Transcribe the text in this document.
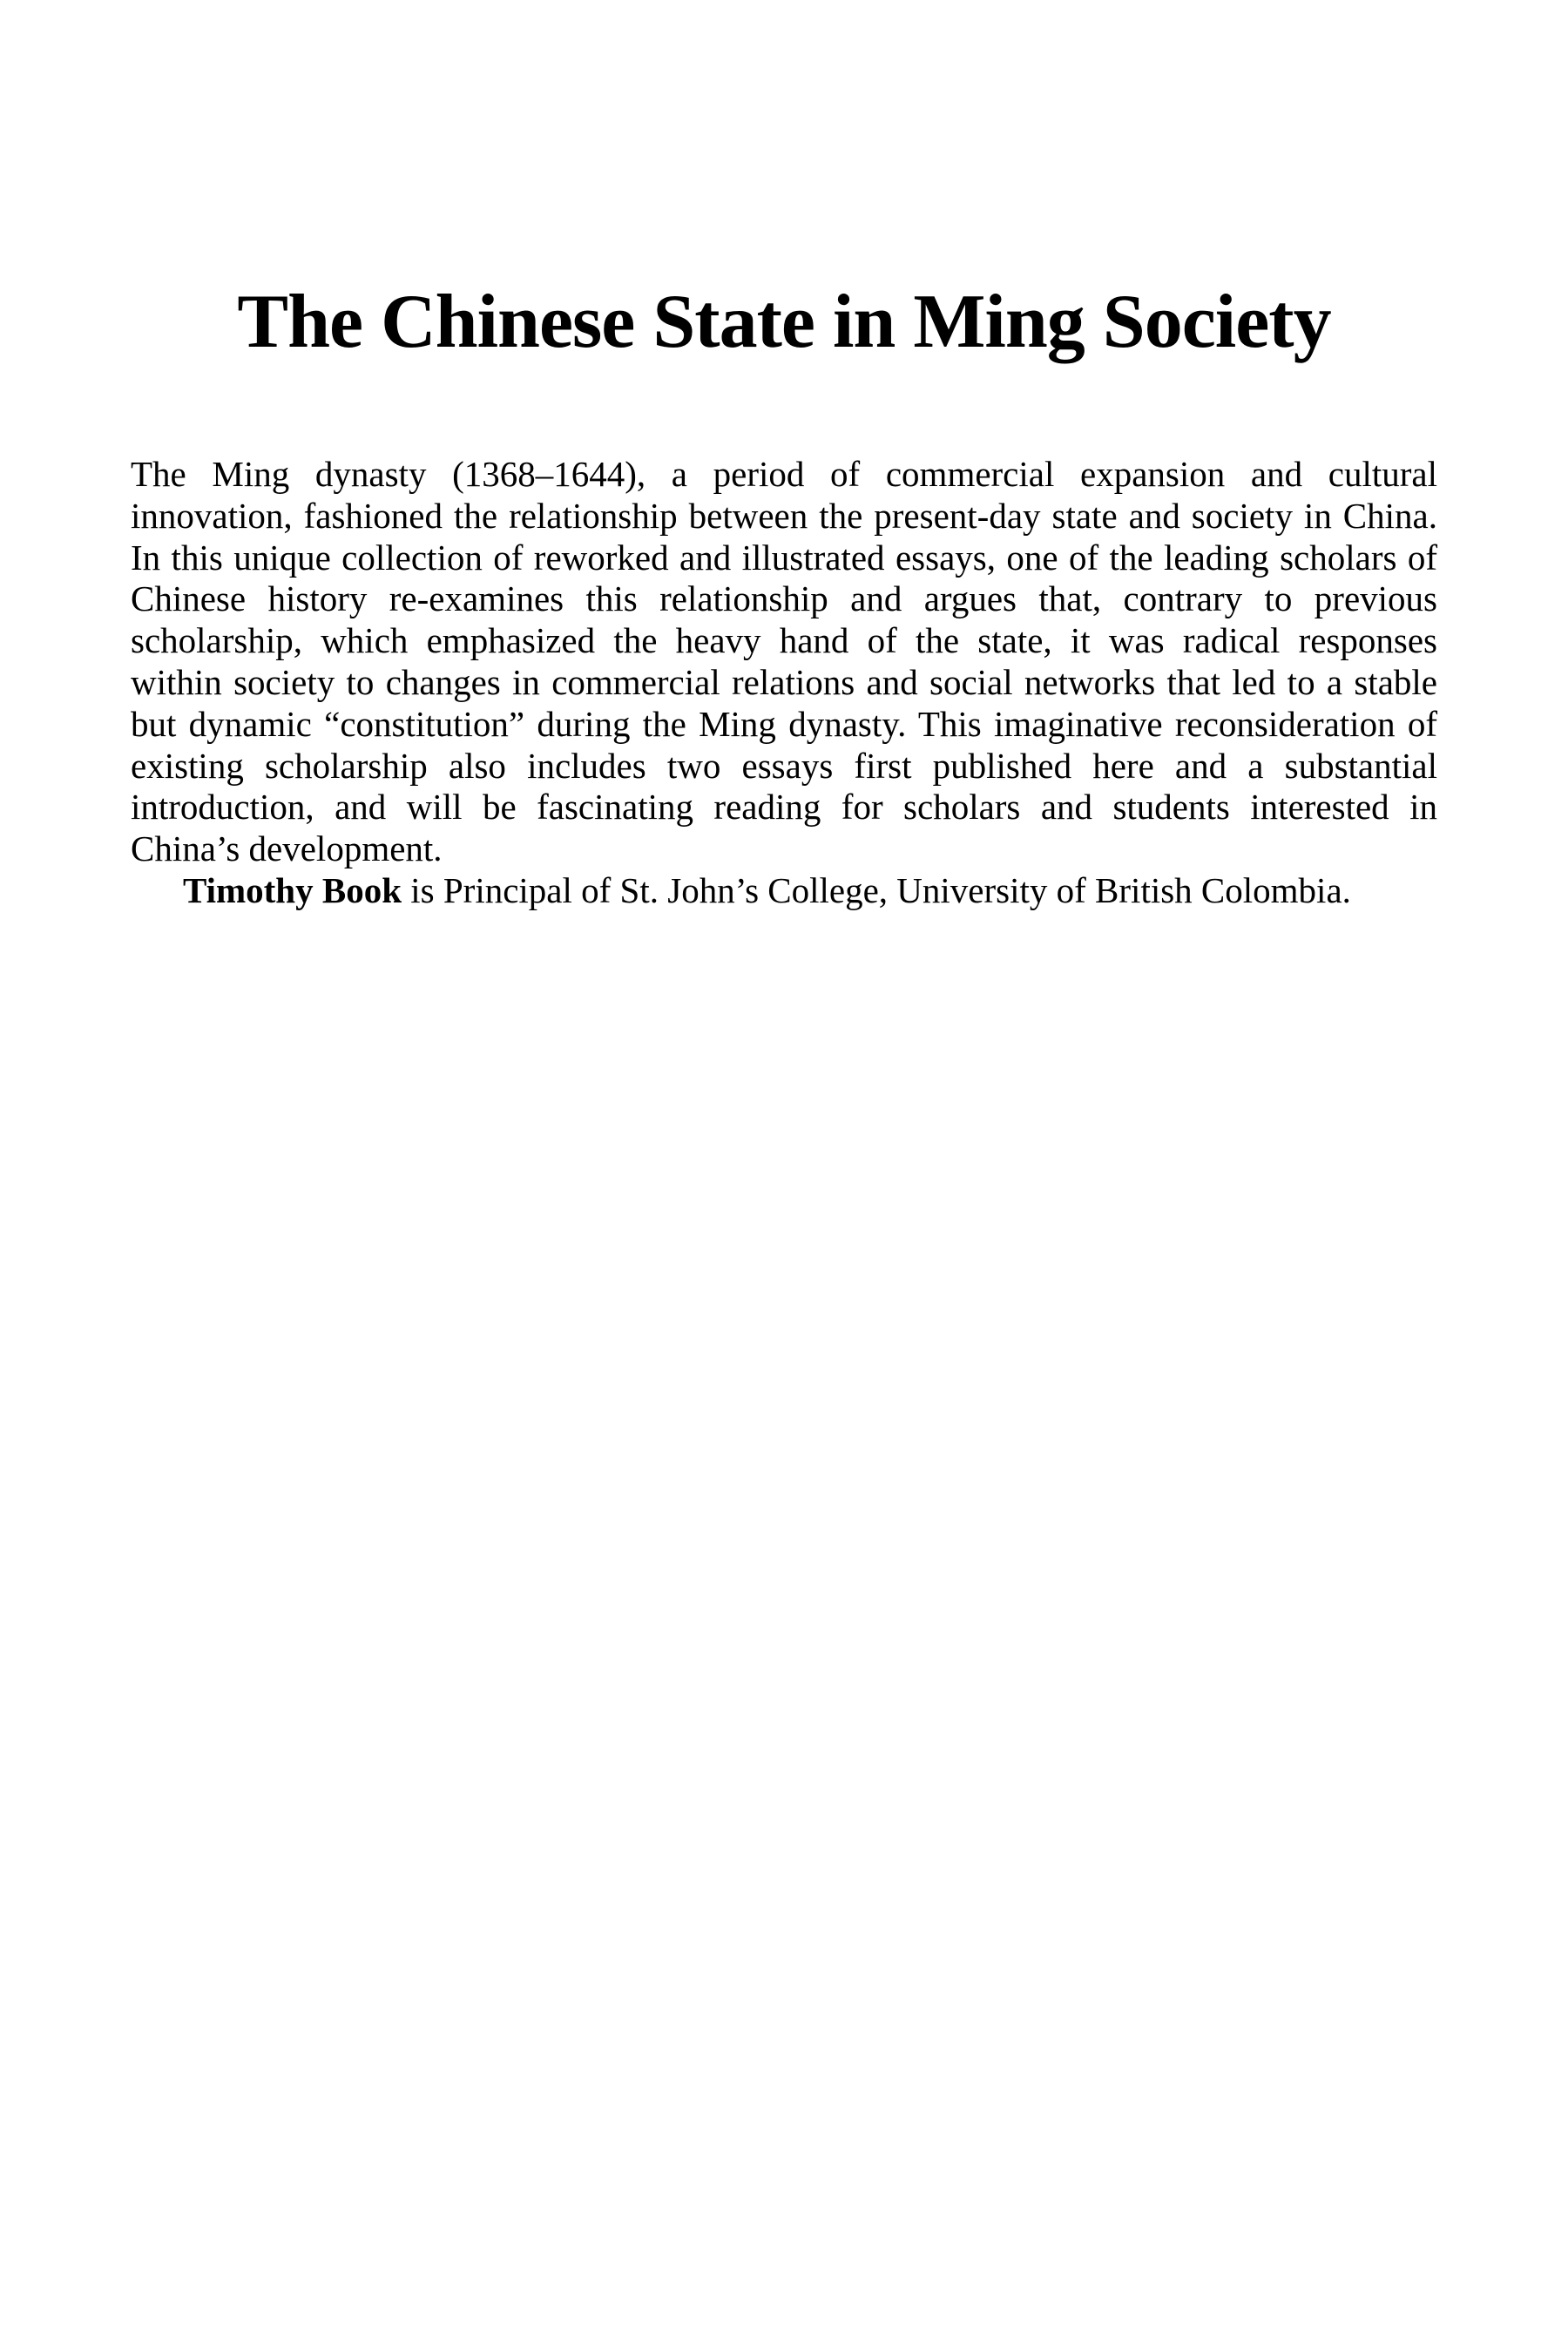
The Chinese State in Ming Society
The Ming dynasty (1368–1644), a period of commercial expansion and cultural
innovation, fashioned the relationship between the present-day state and society in China.
In this unique collection of reworked and illustrated essays, one of the leading scholars of
Chinese history re-examines this relationship and argues that, contrary to previous
scholarship, which emphasized the heavy hand of the state, it was radical responses
within society to changes in commercial relations and social networks that led to a stable
but dynamic “constitution” during the Ming dynasty. This imaginative reconsideration of
existing scholarship also includes two essays first published here and a substantial
introduction, and will be fascinating reading for scholars and students interested in
China’s development.

Timothy Book is Principal of St. John’s College, University of British Colombia.
